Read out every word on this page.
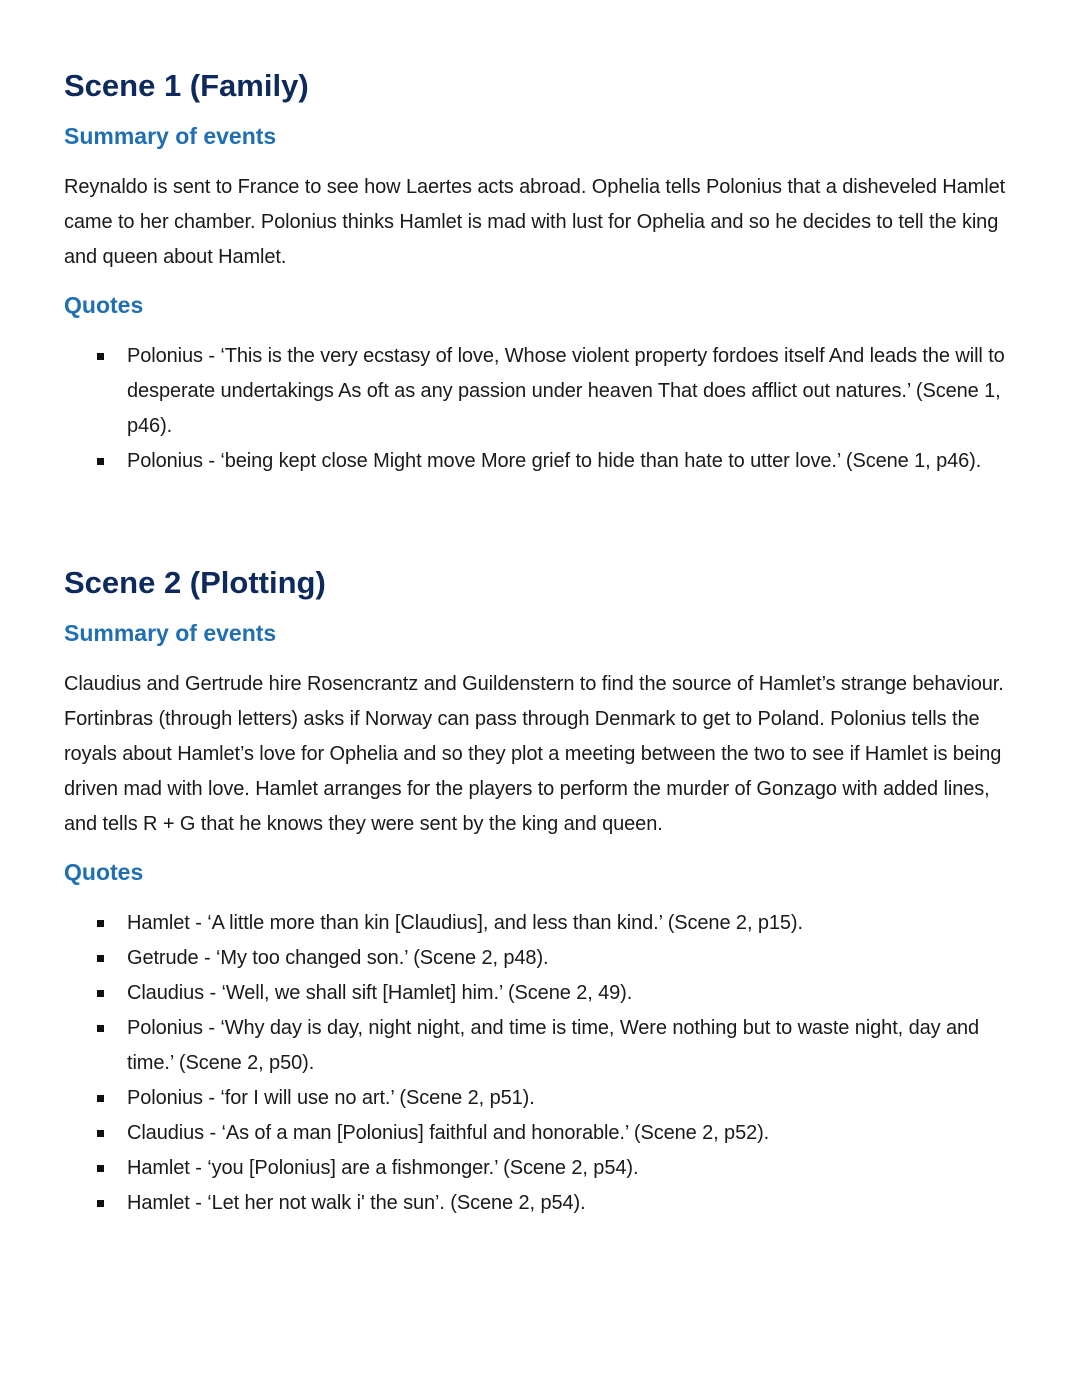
Scene 1 (Family)
Summary of events

Reynaldo is sent to France to see how Laertes acts abroad. Ophelia tells Polonius that a disheveled Hamlet came to her chamber. Polonius thinks Hamlet is mad with lust for Ophelia and so he decides to tell the king and queen about Hamlet.

Quotes
Polonius - ‘This is the very ecstasy of love, Whose violent property fordoes itself And leads the will to desperate undertakings As oft as any passion under heaven That does afflict out natures.’ (Scene 1, p46).
Polonius - ‘being kept close Might move More grief to hide than hate to utter love.’ (Scene 1, p46).
Scene 2 (Plotting)
Summary of events

Claudius and Gertrude hire Rosencrantz and Guildenstern to find the source of Hamlet’s strange behaviour. Fortinbras (through letters) asks if Norway can pass through Denmark to get to Poland. Polonius tells the royals about Hamlet’s love for Ophelia and so they plot a meeting between the two to see if Hamlet is being driven mad with love. Hamlet arranges for the players to perform the murder of Gonzago with added lines, and tells R + G that he knows they were sent by the king and queen.

Quotes
Hamlet - ‘A little more than kin [Claudius], and less than kind.’ (Scene 2, p15).
Getrude - ‘My too changed son.’ (Scene 2, p48).
Claudius - ‘Well, we shall sift [Hamlet] him.’ (Scene 2, 49).
Polonius - ‘Why day is day, night night, and time is time, Were nothing but to waste night, day and time.’ (Scene 2, p50).
Polonius - ‘for I will use no art.’ (Scene 2, p51).
Claudius - ‘As of a man [Polonius] faithful and honorable.’ (Scene 2, p52).
Hamlet - ‘you [Polonius] are a fishmonger.’ (Scene 2, p54).
Hamlet - ‘Let her not walk i' the sun’. (Scene 2, p54).
